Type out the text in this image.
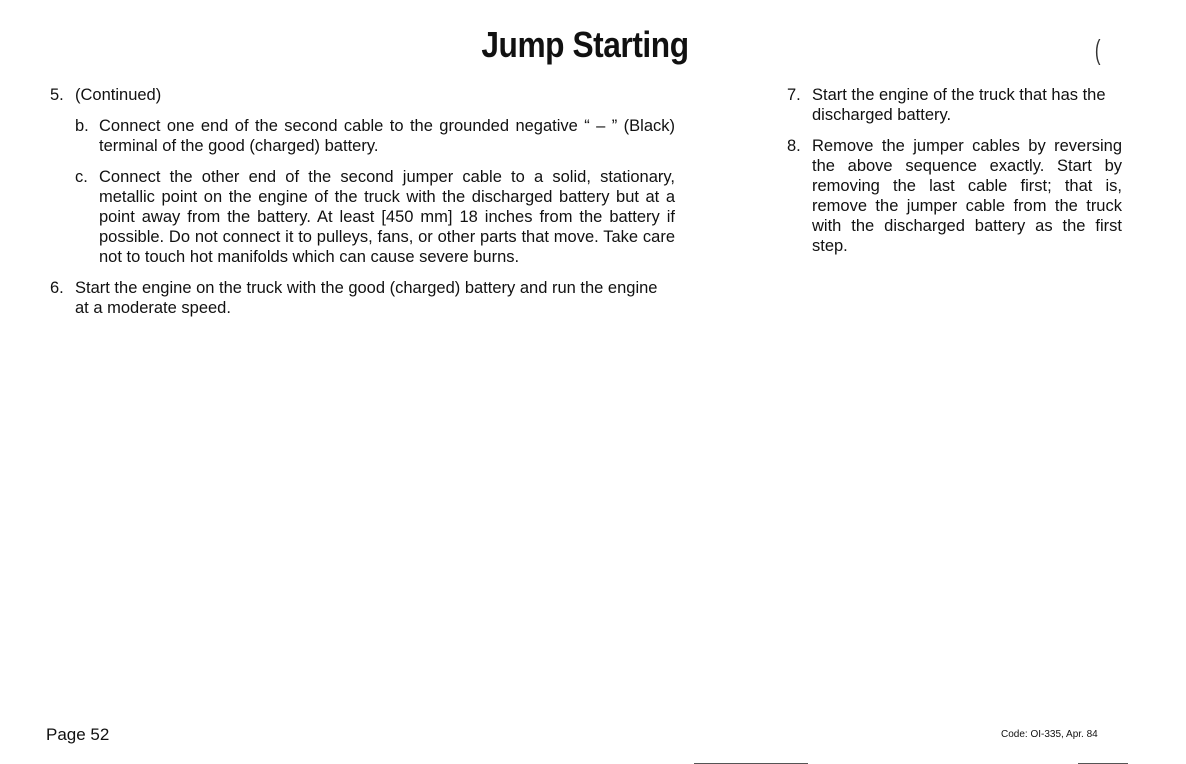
Jump Starting	(
5. (Continued)
b. Connect one end of the second cable to the grounded negative “ – ” (Black) terminal of the good (charged) battery.
c. Connect the other end of the second jumper cable to a solid, stationary, metallic point on the engine of the truck with the discharged battery but at a point away from the battery. At least [450 mm] 18 inches from the battery if possible. Do not connect it to pulleys, fans, or other parts that move. Take care not to touch hot manifolds which can cause severe burns.
6. Start the engine on the truck with the good (charged) battery and run the engine at a moderate speed.
7. Start the engine of the truck that has the discharged battery.
8. Remove the jumper cables by reversing the above sequence exactly. Start by removing the last cable first; that is, remove the jumper cable from the truck with the discharged battery as the first step.
Page 52	Code: OI-335, Apr. 84
